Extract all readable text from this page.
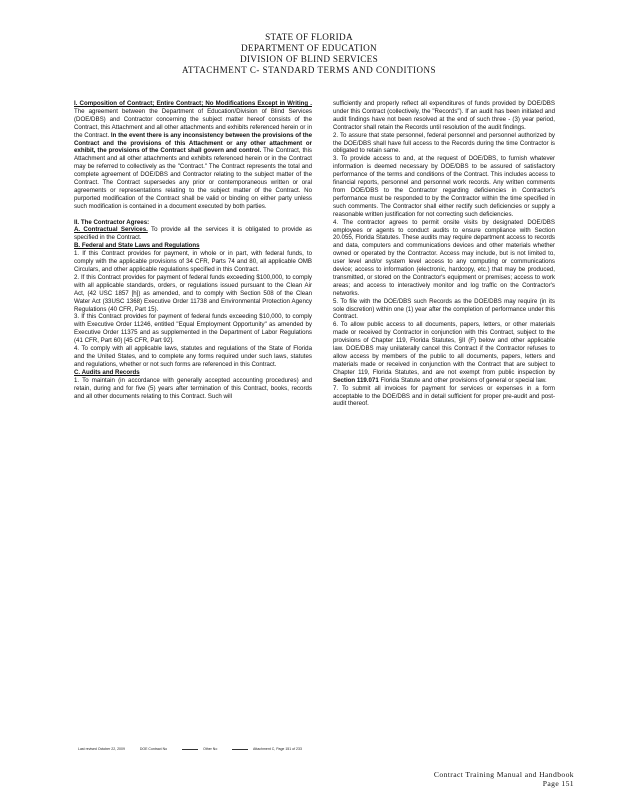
STATE OF FLORIDA
DEPARTMENT OF EDUCATION
DIVISION OF BLIND SERVICES
ATTACHMENT C- STANDARD TERMS AND CONDITIONS

I. Composition of Contract; Entire Contract; No Modifications Except in Writing . The agreement between the Department of Education/Division of Blind Services (DOE/DBS) and Contractor concerning the subject matter hereof consists of the Contract, this Attachment and all other attachments and exhibits referenced herein or in the Contract. In the event there is any inconsistency between the provisions of the Contract and the provisions of this Attachment or any other attachment or exhibit, the provisions of the Contract shall govern and control. The Contract, this Attachment and all other attachments and exhibits referenced herein or in the Contract may be referred to collectively as the "Contract." The Contract represents the total and complete agreement of DOE/DBS and Contractor relating to the subject matter of the Contract. The Contract supersedes any prior or contemporaneous written or oral agreements or representations relating to the subject matter of the Contract. No purported modification of the Contract shall be valid or binding on either party unless such modification is contained in a document executed by both parties.

II. The Contractor Agrees:

A. Contractual Services. To provide all the services it is obligated to provide as specified in the Contract.

B. Federal and State Laws and Regulations

1. If this Contract provides for payment, in whole or in part, with federal funds, to comply with the applicable provisions of 34 CFR, Parts 74 and 80, all applicable OMB Circulars, and other applicable regulations specified in this Contract.

2. If this Contract provides for payment of federal funds exceeding $100,000, to comply with all applicable standards, orders, or regulations issued pursuant to the Clean Air Act, (42 USC 1857 [h]) as amended, and to comply with Section 508 of the Clean Water Act (33USC 1368) Executive Order 11738 and Environmental Protection Agency Regulations (40 CFR, Part 15).

3. If this Contract provides for payment of federal funds exceeding $10,000, to comply with Executive Order 11246, entitled "Equal Employment Opportunity" as amended by Executive Order 11375 and as supplemented in the Department of Labor Regulations (41 CFR, Part 60) [45 CFR, Part 92].

4. To comply with all applicable laws, statutes and regulations of the State of Florida and the United States, and to complete any forms required under such laws, statutes and regulations, whether or not such forms are referenced in this Contract.

C. Audits and Records

1. To maintain (in accordance with generally accepted accounting procedures) and retain, during and for five (5) years after termination of this Contract, books, records and all other documents relating to this Contract. Such will

sufficiently and properly reflect all expenditures of funds provided by DOE/DBS under this Contract (collectively, the "Records"). If an audit has been initiated and audit findings have not been resolved at the end of such three - (3) year period, Contractor shall retain the Records until resolution of the audit findings.

2. To assure that state personnel, federal personnel and personnel authorized by the DOE/DBS shall have full access to the Records during the time Contractor is obligated to retain same.

3. To provide access to and, at the request of DOE/DBS, to furnish whatever information is deemed necessary by DOE/DBS to be assured of satisfactory performance of the terms and conditions of the Contract. This includes access to financial reports, personnel and personnel work records. Any written comments from DOE/DBS to the Contractor regarding deficiencies in Contractor's performance must be responded to by the Contractor within the time specified in such comments. The Contractor shall either rectify such deficiencies or supply a reasonable written justification for not correcting such deficiencies.

4. The contractor agrees to permit onsite visits by designated DOE/DBS employees or agents to conduct audits to ensure compliance with Section 20.055, Florida Statutes. These audits may require department access to records and data, computers and communications devices and other materials whether owned or operated by the Contractor. Access may include, but is not limited to, user level and/or system level access to any computing or communications device; access to information (electronic, hardcopy, etc.) that may be produced, transmitted, or stored on the Contractor's equipment or premises; access to work areas; and access to interactively monitor and log traffic on the Contractor's networks.

5. To file with the DOE/DBS such Records as the DOE/DBS may require (in its sole discretion) within one (1) year after the completion of performance under this Contract.

6. To allow public access to all documents, papers, letters, or other materials made or received by Contractor in conjunction with this Contract, subject to the provisions of Chapter 119, Florida Statutes, §II (F) below and other applicable law. DOE/DBS may unilaterally cancel this Contract if the Contractor refuses to allow access by members of the public to all documents, papers, letters and materials made or received in conjunction with the Contract that are subject to Chapter 119, Florida Statutes, and are not exempt from public inspection by Section 119.071 Florida Statute and other provisions of general or special law.

7. To submit all invoices for payment for services or expenses in a form acceptable to the DOE/DBS and in detail sufficient for proper pre-audit and post-audit thereof.

Last revised October 22, 2009	DOE Contract No	Other No	Attachment C, Page 151 of 233
Contract Training Manual and Handbook
Page 151
